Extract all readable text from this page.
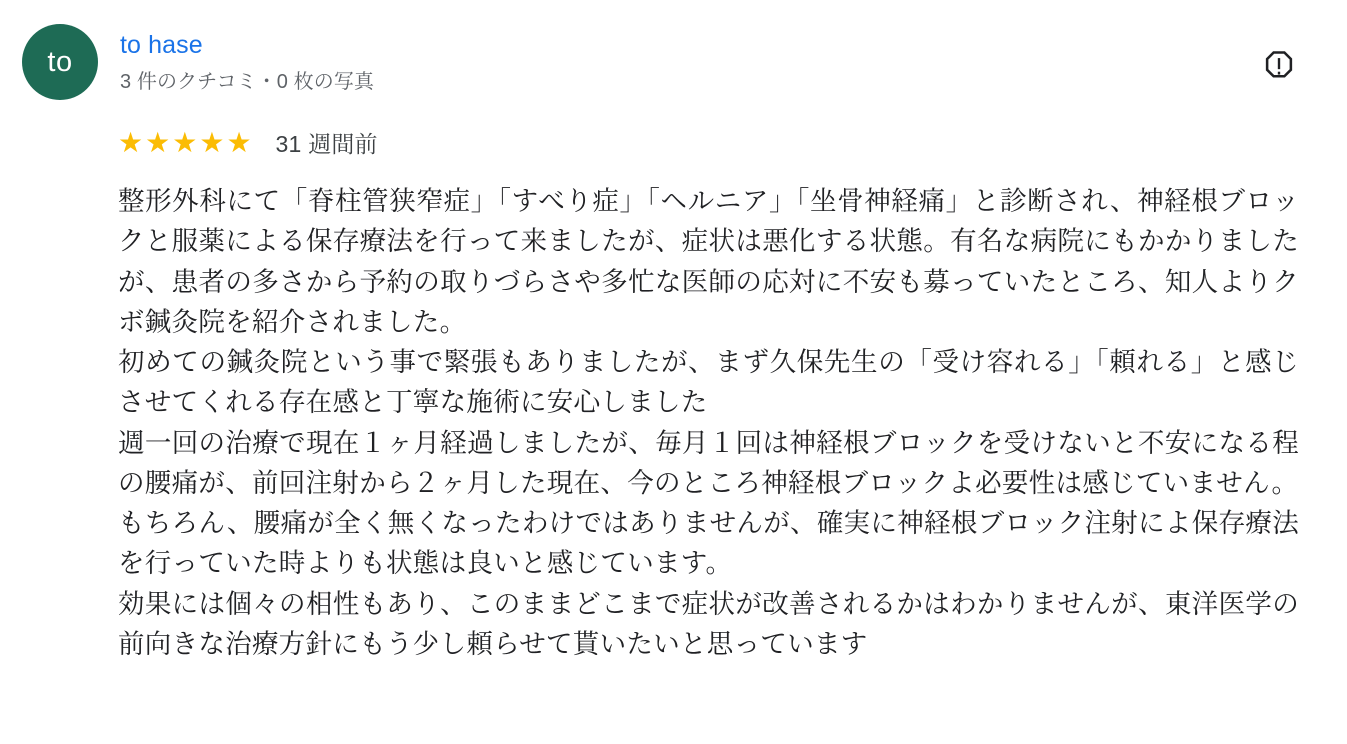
to
to hase
3 件のクチコミ・0 枚の写真
★ ★ ★ ★ ★ 31 週間前

整形外科にて「脊柱管狭窄症」「すべり症」「ヘルニア」「坐骨神経痛」と診断され、神経根ブロックと服薬による保存療法を行って来ましたが、症状は悪化する状態。有名な病院にもかかりましたが、患者の多さから予約の取りづらさや多忙な医師の応対に不安も募っていたところ、知人よりクボ鍼灸院を紹介されました。

初めての鍼灸院という事で緊張もありましたが、まず久保先生の「受け容れる」「頼れる」と感じさせてくれる存在感と丁寧な施術に安心しました

週一回の治療で現在１ヶ月経過しましたが、毎月１回は神経根ブロックを受けないと不安になる程の腰痛が、前回注射から２ヶ月した現在、今のところ神経根ブロックよ必要性は感じていません。

もちろん、腰痛が全く無くなったわけではありませんが、確実に神経根ブロック注射によ保存療法を行っていた時よりも状態は良いと感じています。

効果には個々の相性もあり、このままどこまで症状が改善されるかはわかりませんが、東洋医学の前向きな治療方針にもう少し頼らせて貰いたいと思っています
